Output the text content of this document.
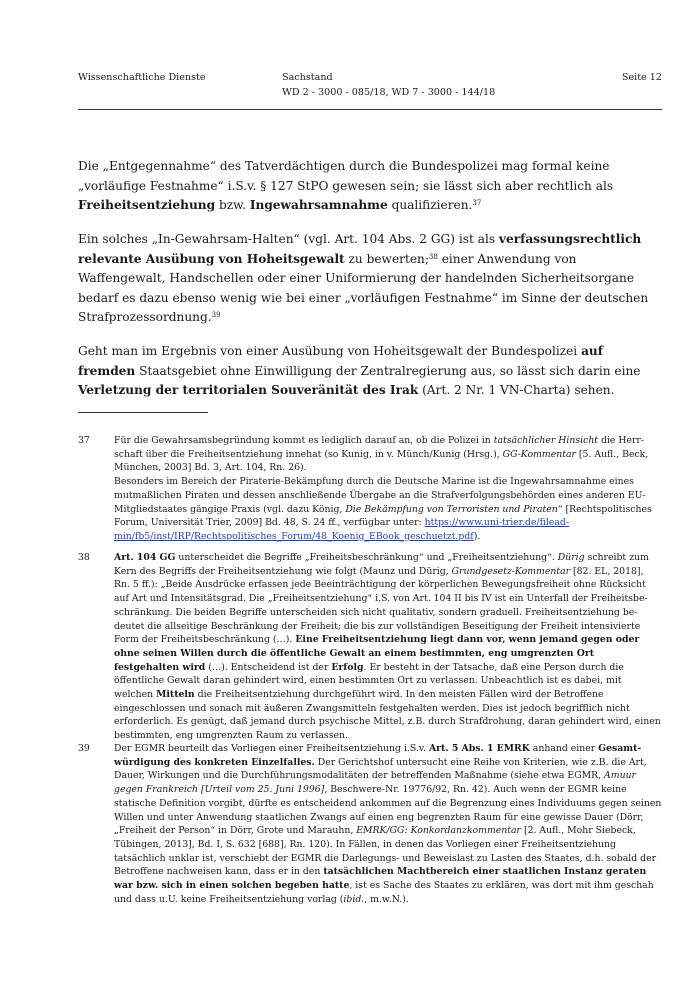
Wissenschaftliche Dienste	Sachstand
WD 2 - 3000 - 085/18, WD 7 - 3000 - 144/18
Seite 12

Die „Entgegennahme“ des Tatverdächtigen durch die Bundespolizei mag formal keine „vorläufige Festnahme“ i.S.v. § 127 StPO gewesen sein; sie lässt sich aber rechtlich als Freiheitsentziehung bzw. Ingewahrsamnahme qualifizieren.$^{37}$

Ein solches „In-Gewahrsam-Halten“ (vgl. Art. 104 Abs. 2 GG) ist als verfassungsrechtlich relevante Ausübung von Hoheitsgewalt zu bewerten;$^{38}$ einer Anwendung von Waffengewalt, Handschellen oder einer Uniformierung der handelnden Sicherheitsorgane bedarf es dazu ebenso wenig wie bei einer „vorläufigen Festnahme“ im Sinne der deutschen Strafprozessordnung.$^{39}$

Geht man im Ergebnis von einer Ausübung von Hoheitsgewalt der Bundespolizei auf fremden Staatsgebiet ohne Einwilligung der Zentralregierung aus, so lässt sich darin eine Verletzung der territorialen Souveränität des Irak (Art. 2 Nr. 1 VN-Charta) sehen.

37	Für die Gewahrsamsbegründung kommt es lediglich darauf an, ob die Polizei in tatsächlicher Hinsicht die Herrschaft über die Freiheitsentziehung innehat (so Kunig, in v. Münch/Kunig (Hrsg.), GG-Kommentar [5. Aufl., Beck, München, 2003] Bd. 3, Art. 104, Rn. 26).
Besonders im Bereich der Piraterie-Bekämpfung durch die Deutsche Marine ist die Ingewahrsamnahme eines mutmaßlichen Piraten und dessen anschließende Übergabe an die Strafverfolgungsbehörden eines anderen EU-Mitgliedstaates gängige Praxis (vgl. dazu König, Die Bekämpfung von Terroristen und Piraten“ [Rechtspolitisches Forum, Universität Trier, 2009] Bd. 48, S. 24 ff., verfügbar unter: https://www.uni-trier.de/fileadmin/fb5/inst/IRP/Rechtspolitisches_Forum/48_Koenig_EBook_geschuetzt.pdf).
38	Art. 104 GG unterscheidet die Begriffe „Freiheitsbeschränkung“ und „Freiheitsentziehung“. Dürig schreibt zum Kern des Begriffs der Freiheitsentziehung wie folgt (Maunz und Dürig, Grundgesetz-Kommentar [82. EL, 2018], Rn. 5 ff.): „Beide Ausdrücke erfassen jede Beeinträchtigung der körperlichen Bewegungsfreiheit ohne Rücksicht auf Art und Intensitätsgrad. Die „Freiheitsentziehung“ i.S. von Art. 104 II bis IV ist ein Unterfall der Freiheitsbeschränkung. Die beiden Begriffe unterscheiden sich nicht qualitativ, sondern graduell. Freiheitsentziehung bedeutet die allseitige Beschränkung der Freiheit; die bis zur vollständigen Beseitigung der Freiheit intensivierte Form der Freiheitsbeschränkung (…). Eine Freiheitsentziehung liegt dann vor, wenn jemand gegen oder ohne seinen Willen durch die öffentliche Gewalt an einem bestimmten, eng umgrenzten Ort festgehalten wird (…). Entscheidend ist der Erfolg. Er besteht in der Tatsache, daß eine Person durch die öffentliche Gewalt daran gehindert wird, einen bestimmten Ort zu verlassen. Unbeachtlich ist es dabei, mit welchen Mitteln die Freiheitsentziehung durchgeführt wird. In den meisten Fällen wird der Betroffene eingeschlossen und sonach mit äußeren Zwangsmitteln festgehalten werden. Dies ist jedoch begrifflich nicht erforderlich. Es genügt, daß jemand durch psychische Mittel, z.B. durch Strafdrohung, daran gehindert wird, einen bestimmten, eng umgrenzten Raum zu verlassen.
39	Der EGMR beurteilt das Vorliegen einer Freiheitsentziehung i.S.v. Art. 5 Abs. 1 EMRK anhand einer Gesamtwürdigung des konkreten Einzelfalles. Der Gerichtshof untersucht eine Reihe von Kriterien, wie z.B. die Art, Dauer, Wirkungen und die Durchführungsmodalitäten der betreffenden Maßnahme (siehe etwa EGMR, Amuur gegen Frankreich [Urteil vom 25. Juni 1996], Beschwere-Nr. 19776/92, Rn. 42). Auch wenn der EGMR keine statische Definition vorgibt, dürfte es entscheidend ankommen auf die Begrenzung eines Individuums gegen seinen Willen und unter Anwendung staatlichen Zwangs auf einen eng begrenzten Raum für eine gewisse Dauer (Dörr, „Freiheit der Person“ in Dörr, Grote und Marauhn, EMRK/GG: Konkordanzkommentar [2. Aufl., Mohr Siebeck, Tübingen, 2013], Bd. I, S. 632 [688], Rn. 120). In Fällen, in denen das Vorliegen einer Freiheitsentziehung tatsächlich unklar ist, verschiebt der EGMR die Darlegungs- und Beweislast zu Lasten des Staates, d.h. sobald der Betroffene nachweisen kann, dass er in den tatsächlichen Machtbereich einer staatlichen Instanz geraten war bzw. sich in einen solchen begeben hatte, ist es Sache des Staates zu erklären, was dort mit ihm geschah und dass u.U. keine Freiheitsentziehung vorlag (ibid., m.w.N.).
